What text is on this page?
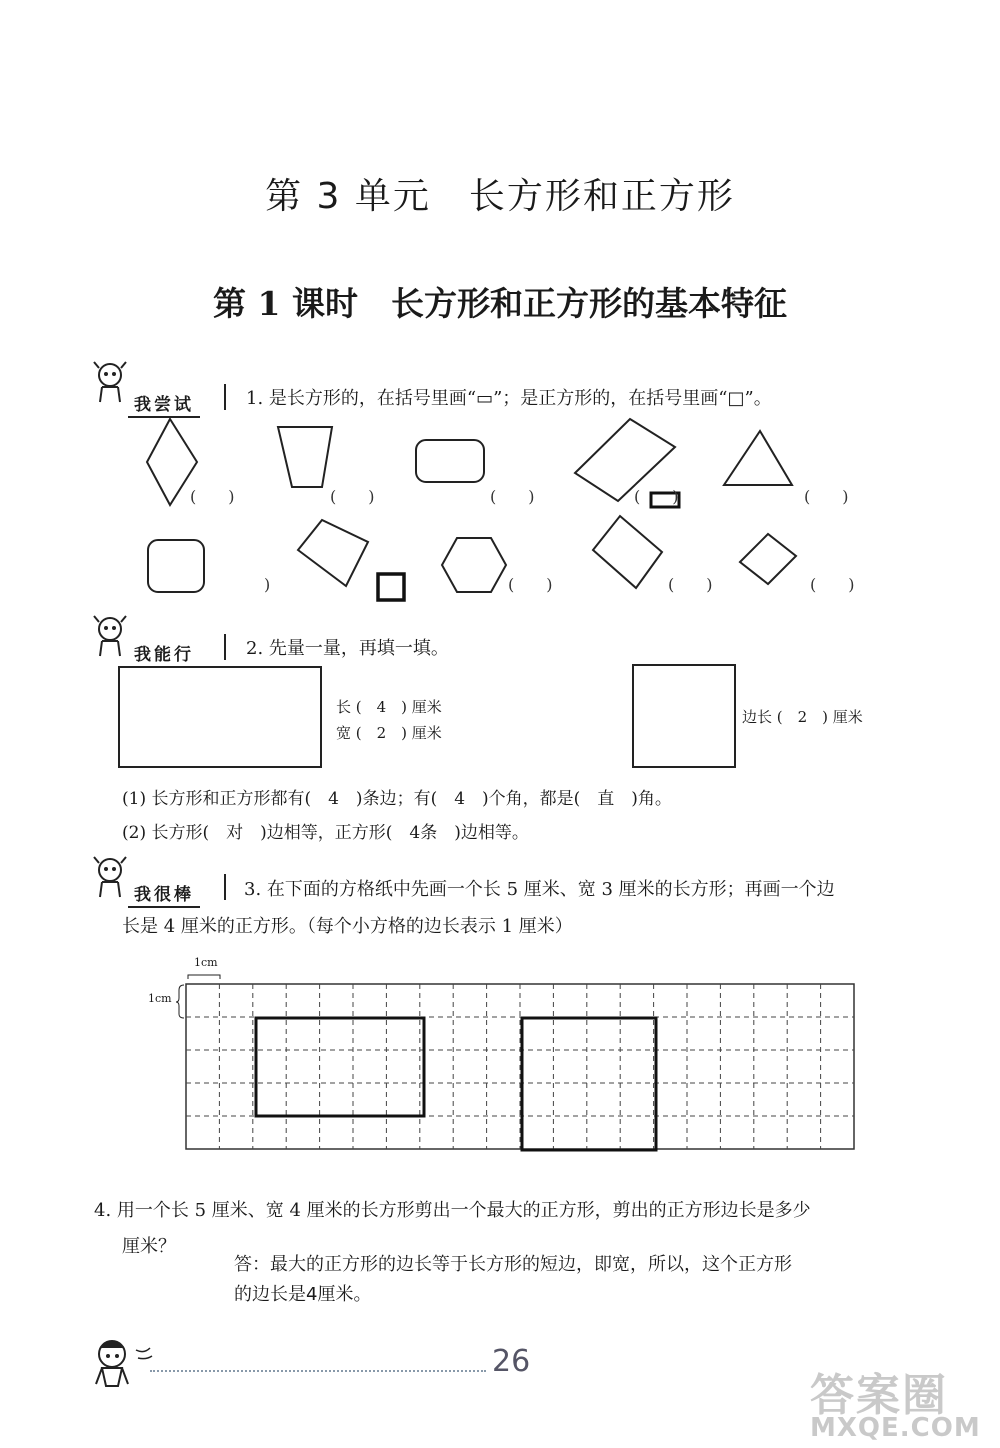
第 3 单元　长方形和正方形
第 1 课时　长方形和正方形的基本特征
我尝试	1. 是长方形的，在括号里画“▭”；是正方形的，在括号里画“□”。
(　　)	(　　)	(　　)	(　　)	(　　)
　)	(　　)	(　　)	(　　)
我能行	2. 先量一量，再填一填。
长 (　4　) 厘米
宽 (　2　) 厘米
边长 (　2　) 厘米
(1) 长方形和正方形都有(　4　)条边；有(　4　)个角，都是(　直　)角。
(2) 长方形(　对　)边相等，正方形(　4条　)边相等。
我很棒	3. 在下面的方格纸中先画一个长 5 厘米、宽 3 厘米的长方形；再画一个边
长是 4 厘米的正方形。（每个小方格的边长表示 1 厘米）
1cm
1cm
4. 用一个长 5 厘米、宽 4 厘米的长方形剪出一个最大的正方形，剪出的正方形边长是多少
厘米？
答：最大的正方形的边长等于长方形的短边，即宽，所以，这个正方形
的边长是4厘米。
26
答案圈
MXQE.COM
